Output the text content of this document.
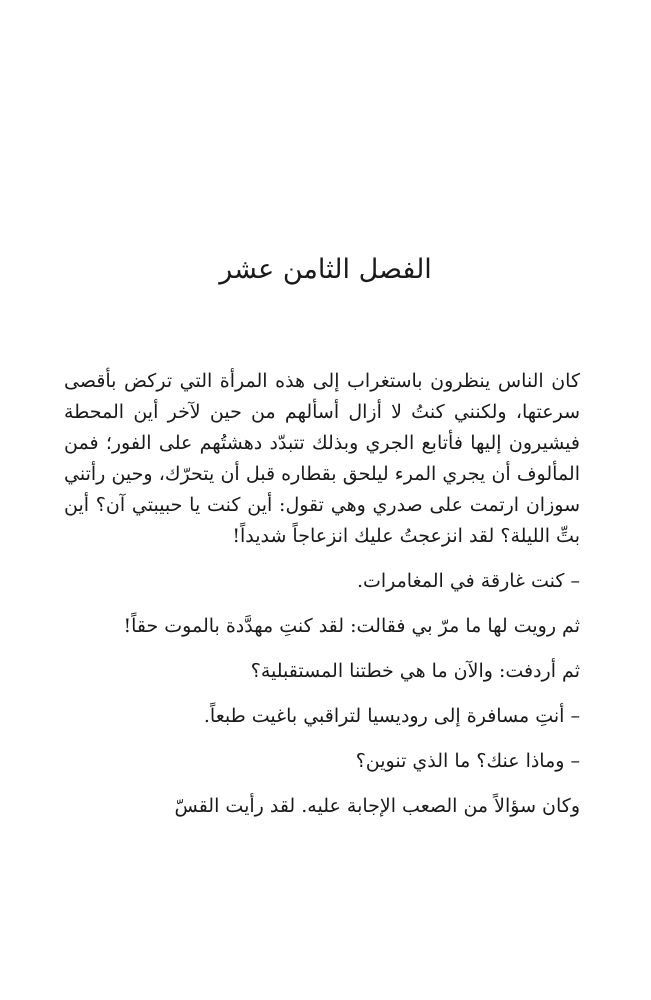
الفصل الثامن عشر

كان الناس ينظرون باستغراب إلى هذه المرأة التي تركض بأقصى سرعتها، ولكنني كنتُ لا أزال أسألهم من حين لآخر أين المحطة فيشيرون إليها فأتابع الجري وبذلك تتبدّد دهشتُهم على الفور؛ فمن المألوف أن يجري المرء ليلحق بقطاره قبل أن يتحرّك، وحين رأتني سوزان ارتمت على صدري وهي تقول: أين كنت يا حبيبتي آن؟ أين بتِّ الليلة؟ لقد انزعجتُ عليك انزعاجاً شديداً!

– كنت غارقة في المغامرات.

ثم رويت لها ما مرّ بي فقالت: لقد كنتِ مهدَّدة بالموت حقاً!

ثم أردفت: والآن ما هي خطتنا المستقبلية؟

– أنتِ مسافرة إلى روديسيا لتراقبي باغيت طبعاً.

– وماذا عنك؟ ما الذي تنوين؟

وكان سؤالاً من الصعب الإجابة عليه. لقد رأيت القسّ
